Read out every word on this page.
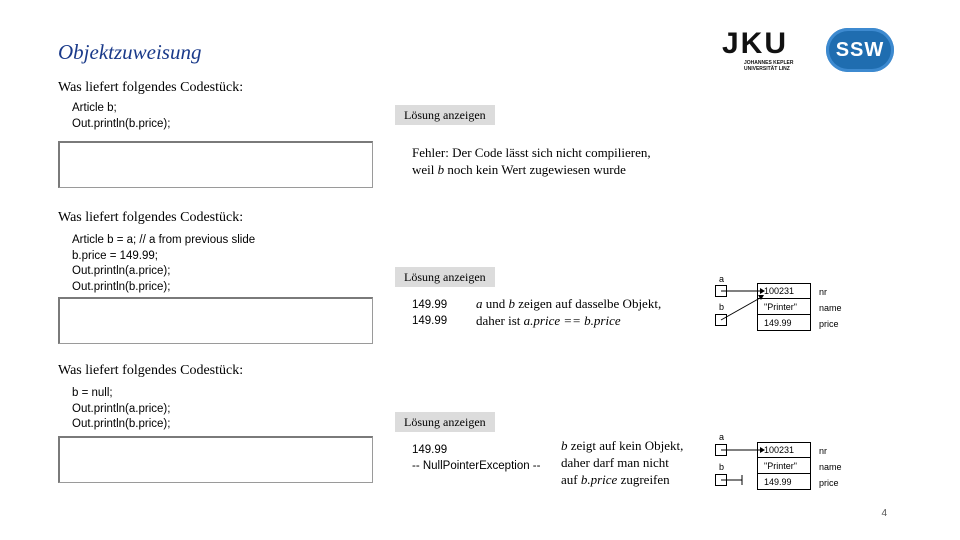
Objektzuweisung	JKU
JOHANNES KEPLER
UNIVERSITÄT LINZ
SSW
Was liefert folgendes Codestück:
Article b;
Out.println(b.price);
Lösung anzeigen
Fehler: Der Code lässt sich nicht compilieren,
weil b noch kein Wert zugewiesen wurde
Was liefert folgendes Codestück:
Article b = a; // a from previous slide
b.price = 149.99;
Out.println(a.price);
Out.println(b.price);
Lösung anzeigen
149.99
149.99
a und b zeigen auf dasselbe Objekt,
daher ist a.price == b.price
a
b
100231
"Printer"
149.99
nr
name
price
Was liefert folgendes Codestück:
b = null;
Out.println(a.price);
Out.println(b.price);	Lösung anzeigen
149.99
-- NullPointerException --
b zeigt auf kein Objekt,
daher darf man nicht
auf b.price zugreifen
a
b
100231
"Printer"
149.99
nr
name
price
4
